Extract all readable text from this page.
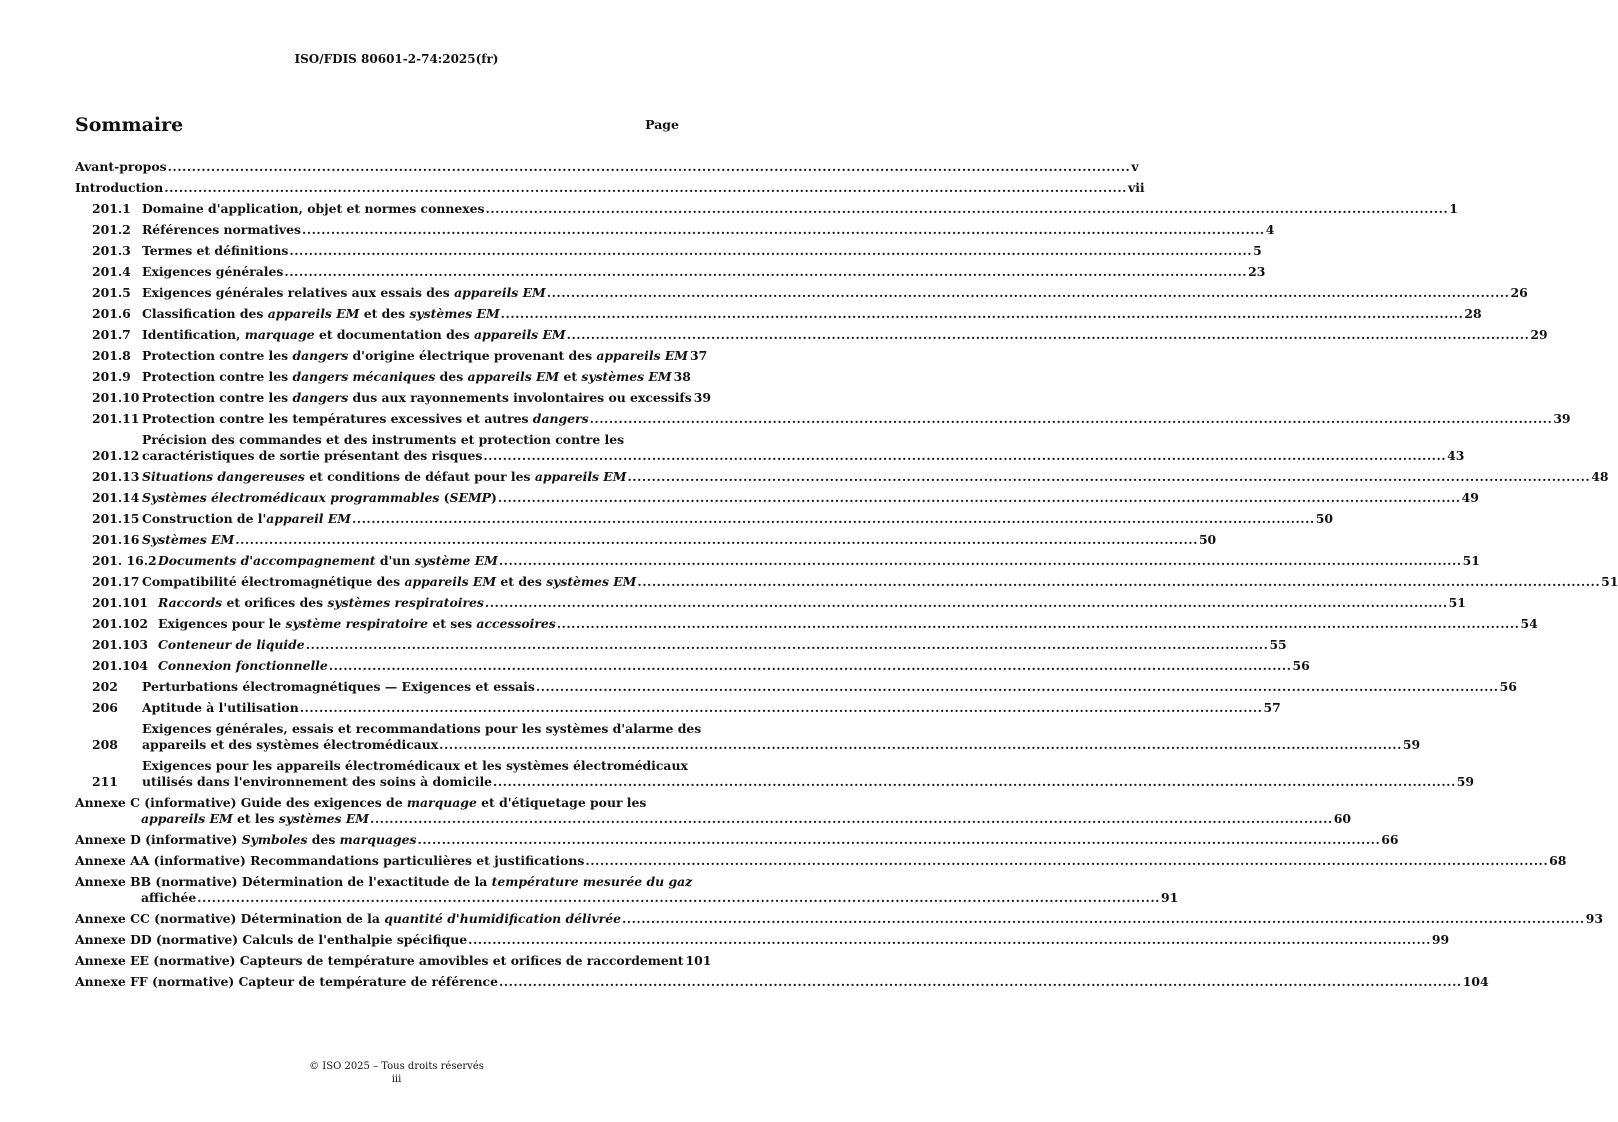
ISO/FDIS 80601-2-74:2025(fr)
Sommaire	Page
Avant-propos ........................................................................................................................................................................................................ v
Introduction ........................................................................................................................................................................................................ vii
201.1 Domaine d'application, objet et normes connexes ........................................................................................................................................................................................................ 1
201.2 Références normatives ........................................................................................................................................................................................................ 4
201.3 Termes et définitions ........................................................................................................................................................................................................ 5
201.4 Exigences générales ........................................................................................................................................................................................................ 23
201.5 Exigences générales relatives aux essais des appareils EM ........................................................................................................................................................................................................ 26
201.6 Classification des appareils EM et des systèmes EM ........................................................................................................................................................................................................ 28
201.7 Identification, marquage et documentation des appareils EM ........................................................................................................................................................................................................ 29
201.8 Protection contre les dangers d'origine électrique provenant des appareils EM 37
201.9 Protection contre les dangers mécaniques des appareils EM et systèmes EM 38
201.10 Protection contre les dangers dus aux rayonnements involontaires ou excessifs 39
201.11 Protection contre les températures excessives et autres dangers ........................................................................................................................................................................................................ 39
201.12
Précision des commandes et des instruments et protection contre les
caractéristiques de sortie présentant des risques ........................................................................................................................................................................................................ 43
201.13 Situations dangereuses et conditions de défaut pour les appareils EM ........................................................................................................................................................................................................ 48
201.14 Systèmes électromédicaux programmables (SEMP) ........................................................................................................................................................................................................ 49
201.15 Construction de l'appareil EM ........................................................................................................................................................................................................ 50
201.16 Systèmes EM ........................................................................................................................................................................................................ 50
201. 16.2 Documents d'accompagnement d'un système EM ........................................................................................................................................................................................................ 51
201.17 Compatibilité électromagnétique des appareils EM et des systèmes EM ........................................................................................................................................................................................................ 51
201.101 Raccords et orifices des systèmes respiratoires ........................................................................................................................................................................................................ 51
201.102 Exigences pour le système respiratoire et ses accessoires ........................................................................................................................................................................................................ 54
201.103 Conteneur de liquide ........................................................................................................................................................................................................ 55
201.104 Connexion fonctionnelle ........................................................................................................................................................................................................ 56
202	Perturbations électromagnétiques — Exigences et essais ........................................................................................................................................................................................................ 56
206	Aptitude à l'utilisation ........................................................................................................................................................................................................ 57
208
Exigences générales, essais et recommandations pour les systèmes d'alarme des
appareils et des systèmes électromédicaux ........................................................................................................................................................................................................ 59
211
Exigences pour les appareils électromédicaux et les systèmes électromédicaux
utilisés dans l'environnement des soins à domicile ........................................................................................................................................................................................................ 59
Annexe C (informative) Guide des exigences de marquage et d'étiquetage pour les
appareils EM et les systèmes EM ........................................................................................................................................................................................................ 60
Annexe D (informative) Symboles des marquages ........................................................................................................................................................................................................ 66
Annexe AA (informative) Recommandations particulières et justifications ........................................................................................................................................................................................................ 68
Annexe BB (normative) Détermination de l'exactitude de la température mesurée du gaz
affichée ........................................................................................................................................................................................................ 91
Annexe CC (normative) Détermination de la quantité d'humidification délivrée ........................................................................................................................................................................................................ 93
Annexe DD (normative) Calculs de l'enthalpie spécifique ........................................................................................................................................................................................................ 99
Annexe EE (normative) Capteurs de température amovibles et orifices de raccordement 101
Annexe FF (normative) Capteur de température de référence ........................................................................................................................................................................................................ 104
© ISO 2025 – Tous droits réservés
iii
